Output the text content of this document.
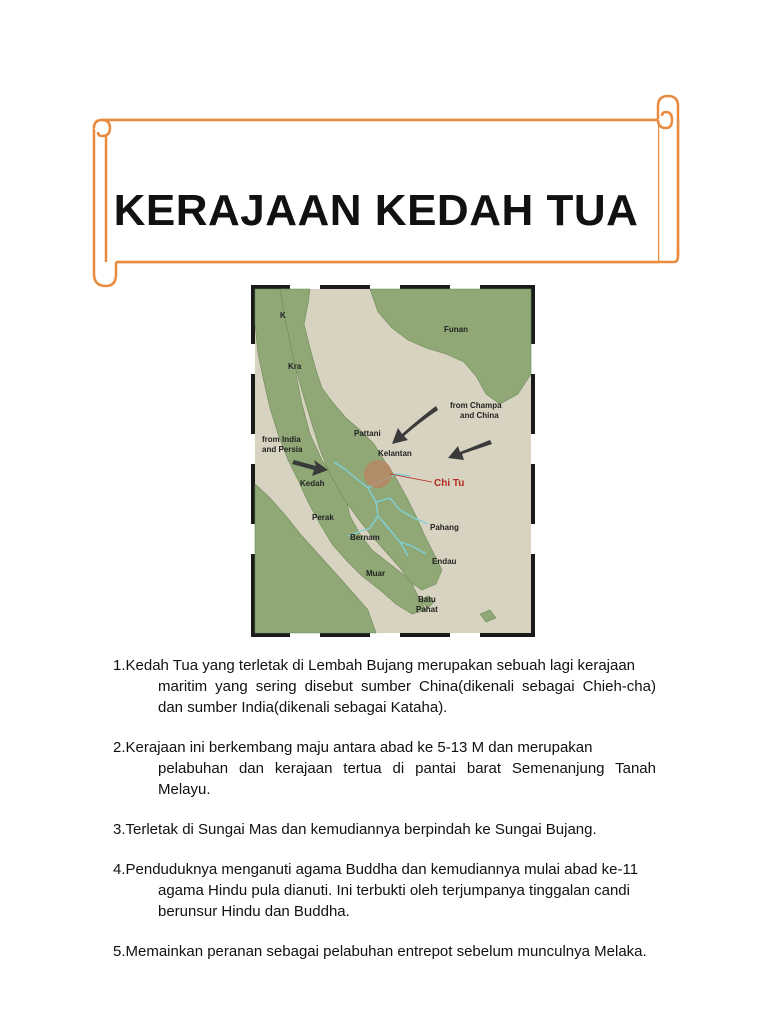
KERAJAAN KEDAH TUA
K
Funan
Kra
from Champa
and China
Pattani
from India
and Persia	Kelantan
Kedah	Chi Tu
Perak
Pahang
Bernam
Endau
Muar
Batu
Pahat
1.Kedah Tua yang terletak di Lembah Bujang merupakan sebuah lagi kerajaan
maritim yang sering disebut sumber China(dikenali sebagai Chieh-cha) dan sumber India(dikenali sebagai Kataha).
2.Kerajaan ini berkembang maju antara abad ke 5-13 M dan merupakan
pelabuhan dan kerajaan tertua di pantai barat Semenanjung Tanah Melayu.
3.Terletak di Sungai Mas dan kemudiannya berpindah ke Sungai Bujang.
4.Penduduknya menganuti agama Buddha dan kemudiannya mulai abad ke-11
agama Hindu pula dianuti. Ini terbukti oleh terjumpanya tinggalan candi berunsur Hindu dan Buddha.
5.Memainkan peranan sebagai pelabuhan entrepot sebelum munculnya Melaka.
